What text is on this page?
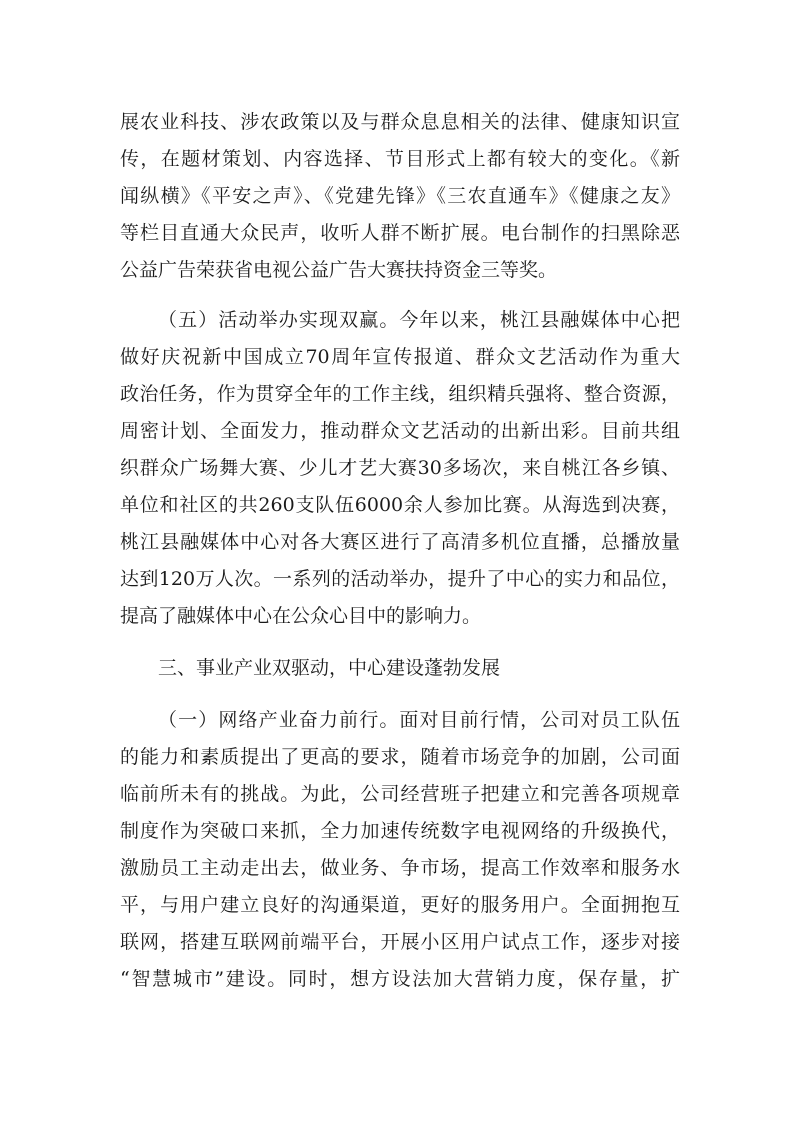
展农业科技、涉农政策以及与群众息息相关的法律、健康知识宣
传，在题材策划、内容选择、节目形式上都有较大的变化。《新
闻纵横》《平安之声》、《党建先锋》《三农直通车》《健康之友》
等栏目直通大众民声，收听人群不断扩展。电台制作的扫黑除恶
公益广告荣获省电视公益广告大赛扶持资金三等奖。
（五）活动举办实现双赢。今年以来，桃江县融媒体中心把
做好庆祝新中国成立70周年宣传报道、群众文艺活动作为重大
政治任务，作为贯穿全年的工作主线，组织精兵强将、整合资源，
周密计划、全面发力，推动群众文艺活动的出新出彩。目前共组
织群众广场舞大赛、少儿才艺大赛30多场次，来自桃江各乡镇、
单位和社区的共260支队伍6000余人参加比赛。从海选到决赛，
桃江县融媒体中心对各大赛区进行了高清多机位直播，总播放量
达到120万人次。一系列的活动举办，提升了中心的实力和品位，
提高了融媒体中心在公众心目中的影响力。
三、事业产业双驱动，中心建设蓬勃发展
（一）网络产业奋力前行。面对目前行情，公司对员工队伍
的能力和素质提出了更高的要求，随着市场竞争的加剧，公司面
临前所未有的挑战。为此，公司经营班子把建立和完善各项规章
制度作为突破口来抓，全力加速传统数字电视网络的升级换代，
激励员工主动走出去，做业务、争市场，提高工作效率和服务水
平，与用户建立良好的沟通渠道，更好的服务用户。全面拥抱互
联网，搭建互联网前端平台，开展小区用户试点工作，逐步对接
“智慧城市”建设。同时，想方设法加大营销力度，保存量，扩
